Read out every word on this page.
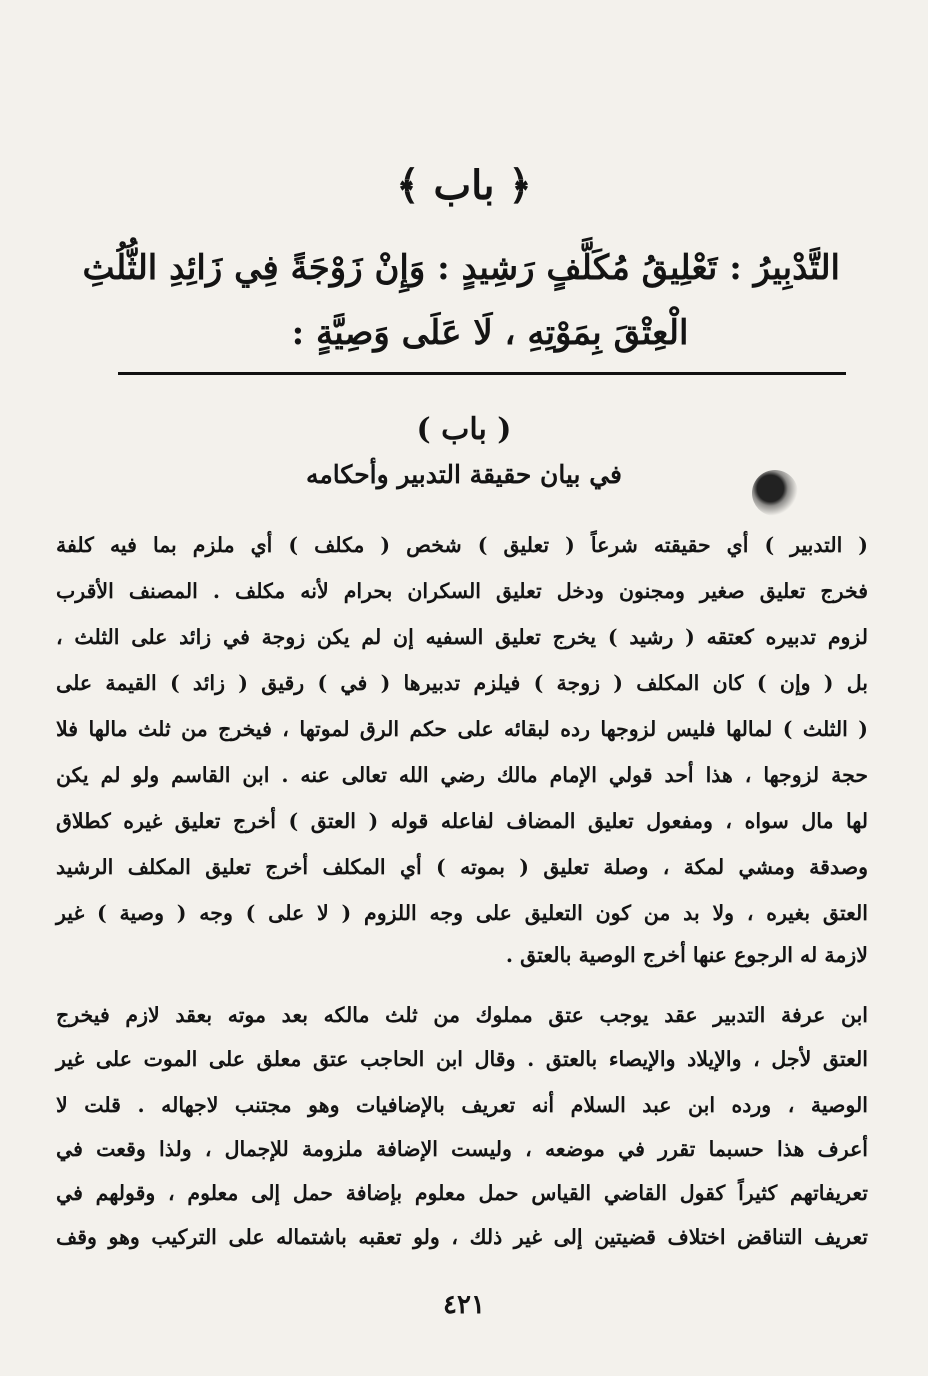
﴿ باب ﴾
التَّدْبِيرُ : تَعْلِيقُ مُكَلَّفٍ رَشِيدٍ : وَإِنْ زَوْجَةً فِي زَائِدِ الثُّلُثِ
الْعِتْقَ بِمَوْتِهِ ، لَا عَلَى وَصِيَّةٍ :
( باب )
في بيان حقيقة التدبير وأحكامه
( التدبير ) أي حقيقته شرعاً ( تعليق ) شخص ( مكلف ) أي ملزم بما فيه كلفة
فخرج تعليق صغير ومجنون ودخل تعليق السكران بحرام لأنه مكلف . المصنف الأقرب
لزوم تدبيره كعتقه ( رشيد ) يخرج تعليق السفيه إن لم يكن زوجة في زائد على الثلث ،
بل ( وإن ) كان المكلف ( زوجة ) فيلزم تدبيرها ( في ) رقيق ( زائد ) القيمة على
( الثلث ) لمالها فليس لزوجها رده لبقائه على حكم الرق لموتها ، فيخرج من ثلث مالها فلا
حجة لزوجها ، هذا أحد قولي الإمام مالك رضي الله تعالى عنه . ابن القاسم ولو لم يكن
لها مال سواه ، ومفعول تعليق المضاف لفاعله قوله ( العتق ) أخرج تعليق غيره كطلاق
وصدقة ومشي لمكة ، وصلة تعليق ( بموته ) أي المكلف أخرج تعليق المكلف الرشيد
العتق بغيره ، ولا بد من كون التعليق على وجه اللزوم ( لا على ) وجه ( وصية ) غير
لازمة له الرجوع عنها أخرج الوصية بالعتق .
ابن عرفة التدبير عقد يوجب عتق مملوك من ثلث مالكه بعد موته بعقد لازم فيخرج
العتق لأجل ، والإيلاد والإيصاء بالعتق . وقال ابن الحاجب عتق معلق على الموت على غير
الوصية ، ورده ابن عبد السلام أنه تعريف بالإضافيات وهو مجتنب لاجهاله . قلت لا
أعرف هذا حسبما تقرر في موضعه ، وليست الإضافة ملزومة للإجمال ، ولذا وقعت في
تعريفاتهم كثيراً كقول القاضي القياس حمل معلوم بإضافة حمل إلى معلوم ، وقولهم في
تعريف التناقض اختلاف قضيتين إلى غير ذلك ، ولو تعقبه باشتماله على التركيب وهو وقف
٤٢١
